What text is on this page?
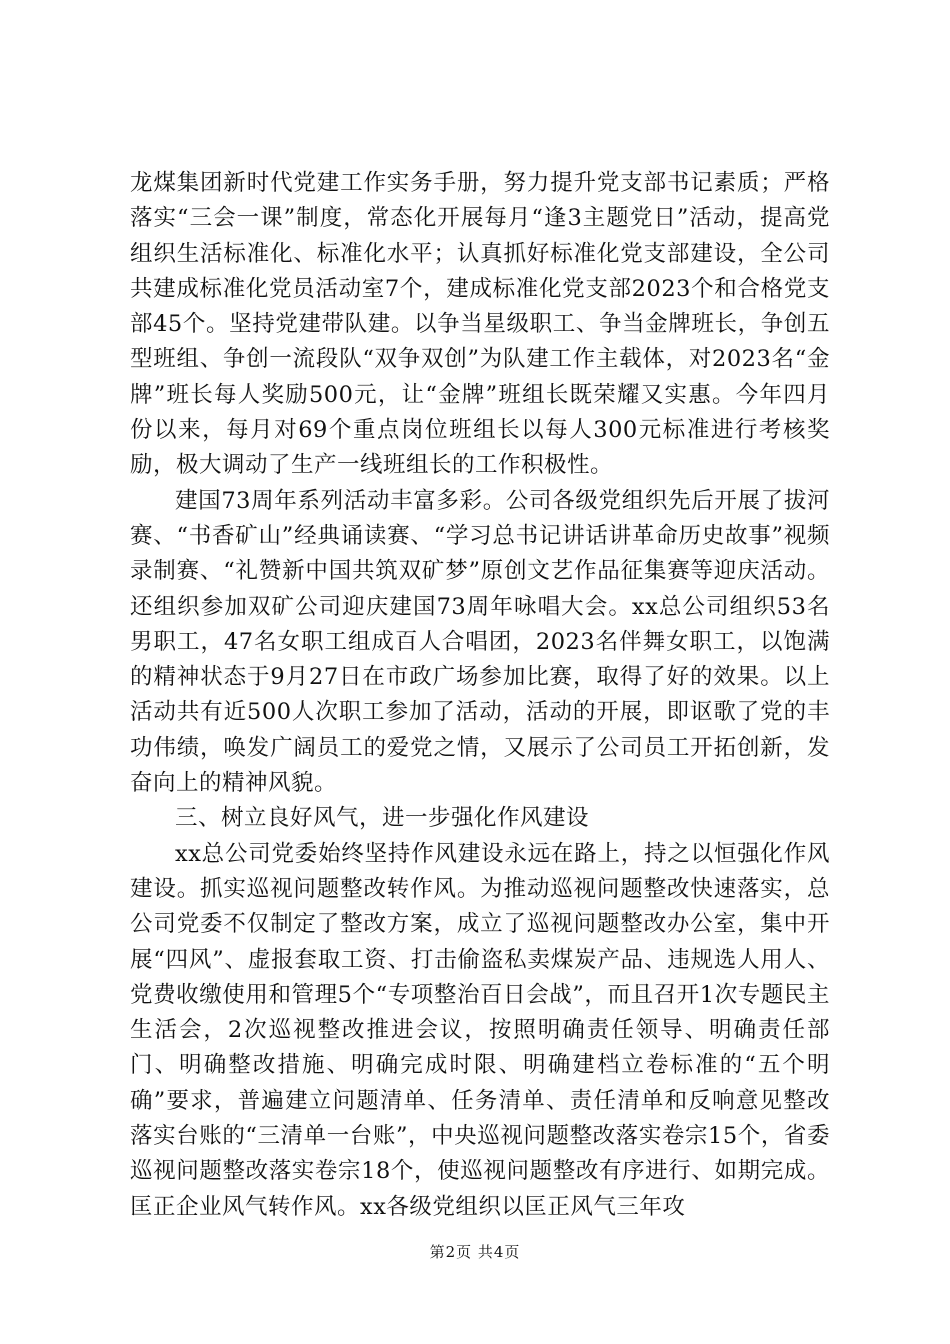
龙煤集团新时代党建工作实务手册，努力提升党支部书记素质；严格落实“三会一课”制度，常态化开展每月“逢3主题党日”活动，提高党组织生活标准化、标准化水平；认真抓好标准化党支部建设，全公司共建成标准化党员活动室7个，建成标准化党支部2023个和合格党支部45个。坚持党建带队建。以争当星级职工、争当金牌班长，争创五型班组、争创一流段队“双争双创”为队建工作主载体，对2023名“金牌”班长每人奖励500元，让“金牌”班组长既荣耀又实惠。今年四月份以来，每月对69个重点岗位班组长以每人300元标准进行考核奖励，极大调动了生产一线班组长的工作积极性。

建国73周年系列活动丰富多彩。公司各级党组织先后开展了拔河赛、“书香矿山”经典诵读赛、“学习总书记讲话讲革命历史故事”视频录制赛、“礼赞新中国共筑双矿梦”原创文艺作品征集赛等迎庆活动。还组织参加双矿公司迎庆建国73周年咏唱大会。xx总公司组织53名男职工，47名女职工组成百人合唱团，2023名伴舞女职工，以饱满的精神状态于9月27日在市政广场参加比赛，取得了好的效果。以上活动共有近500人次职工参加了活动，活动的开展，即讴歌了党的丰功伟绩，唤发广阔员工的爱党之情，又展示了公司员工开拓创新，发奋向上的精神风貌。

三、树立良好风气，进一步强化作风建设

xx总公司党委始终坚持作风建设永远在路上，持之以恒强化作风建设。抓实巡视问题整改转作风。为推动巡视问题整改快速落实，总公司党委不仅制定了整改方案，成立了巡视问题整改办公室，集中开展“四风”、虚报套取工资、打击偷盗私卖煤炭产品、违规选人用人、党费收缴使用和管理5个“专项整治百日会战”，而且召开1次专题民主生活会，2次巡视整改推进会议，按照明确责任领导、明确责任部门、明确整改措施、明确完成时限、明确建档立卷标准的“五个明确”要求，普遍建立问题清单、任务清单、责任清单和反响意见整改落实台账的“三清单一台账”，中央巡视问题整改落实卷宗15个，省委巡视问题整改落实卷宗18个，使巡视问题整改有序进行、如期完成。匡正企业风气转作风。xx各级党组织以匡正风气三年攻

第2页 共4页
